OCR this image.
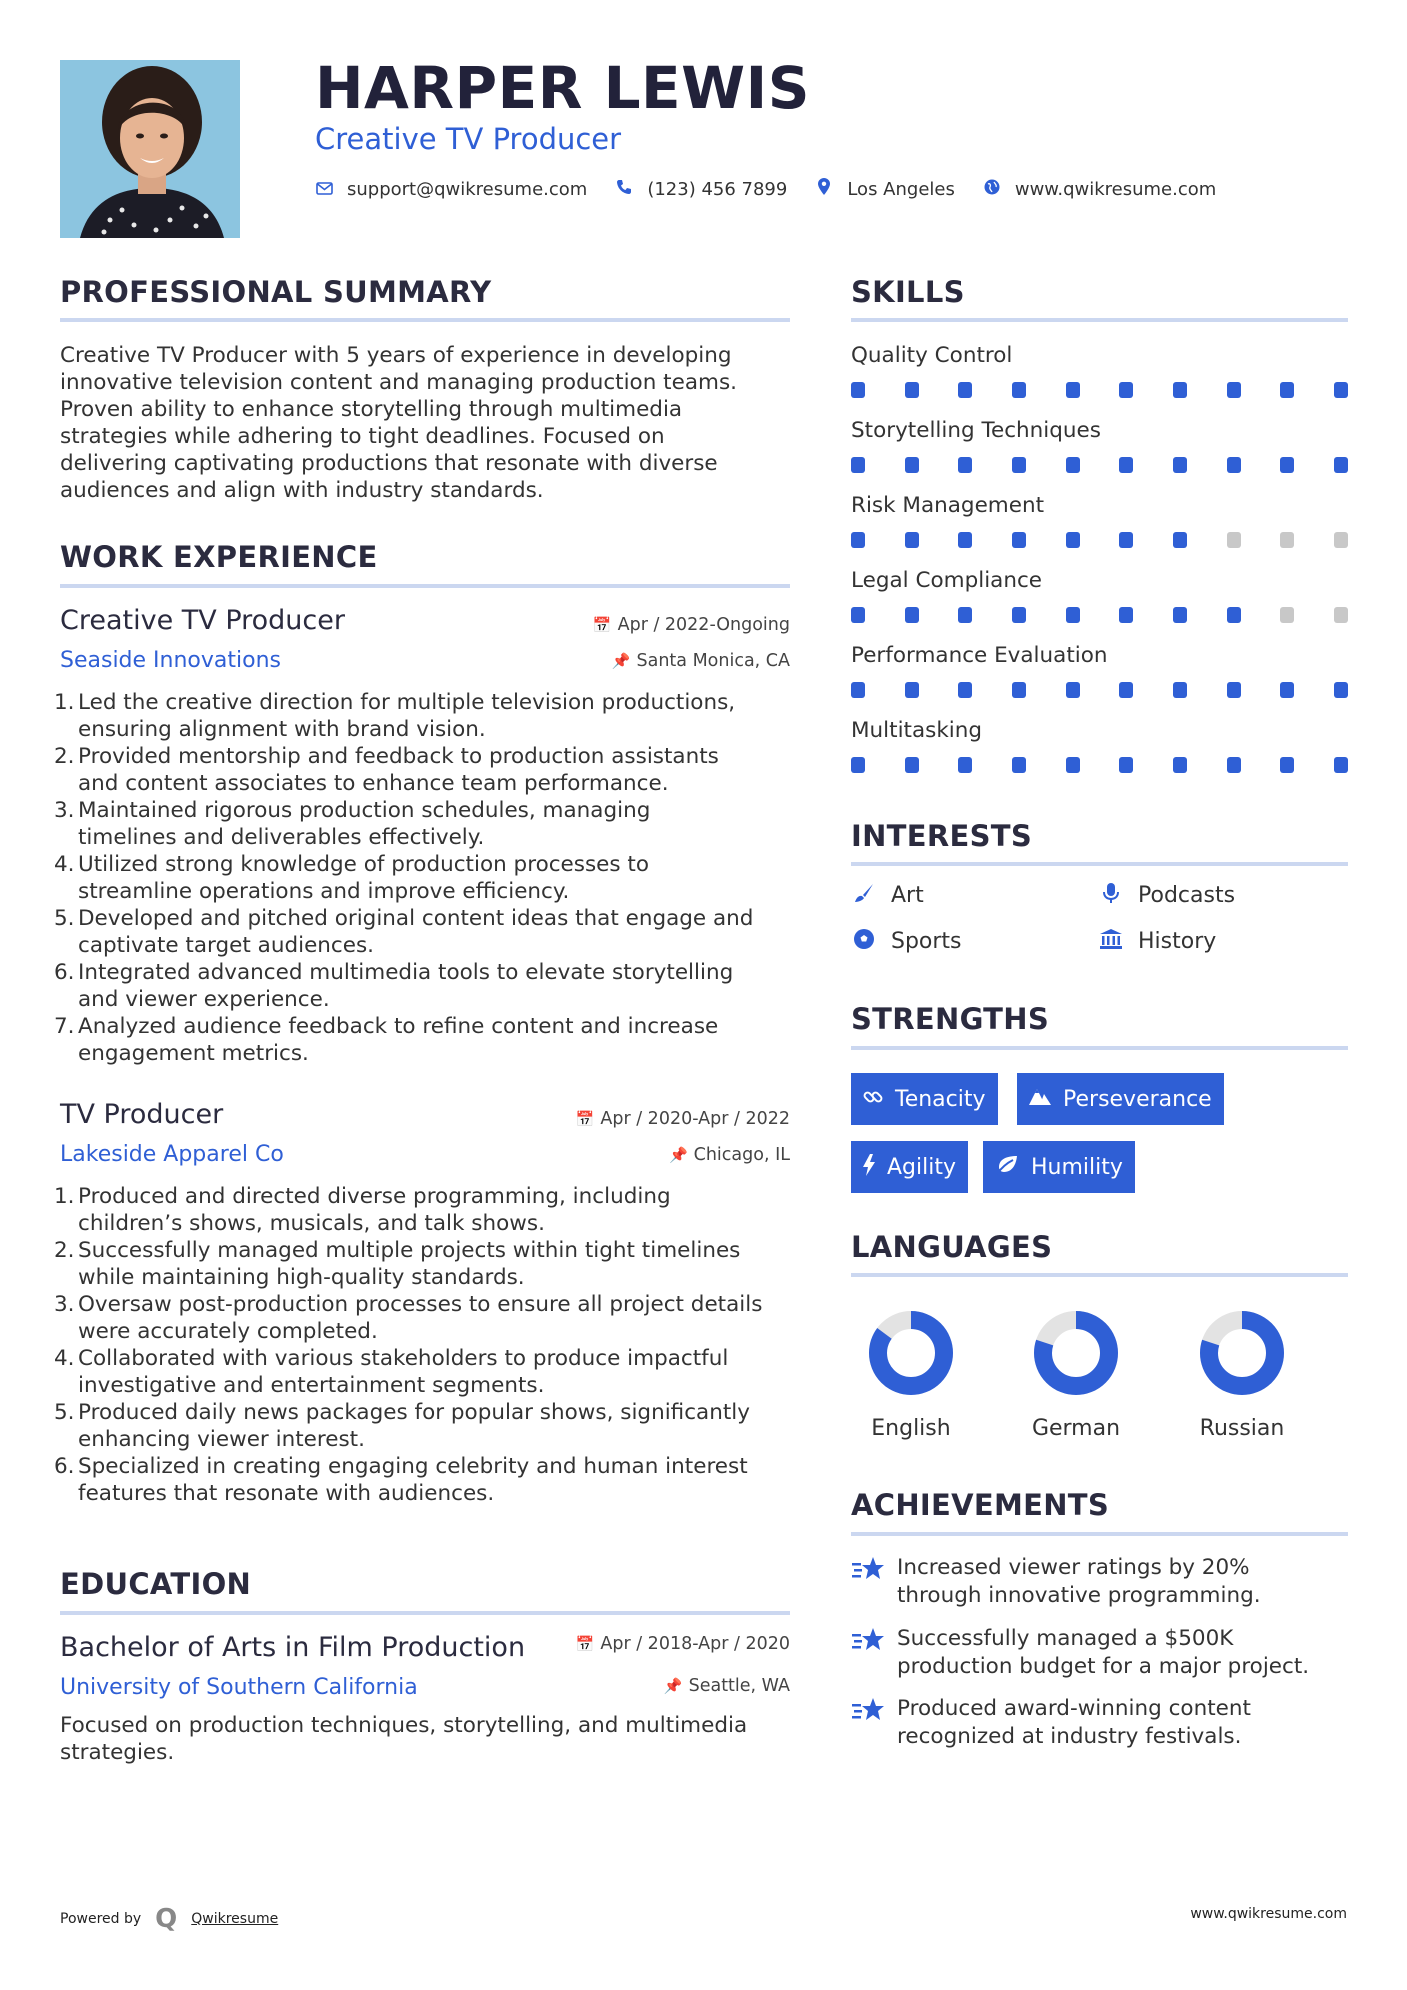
HARPER LEWIS
Creative TV Producer
support@qwikresume.com	(123) 456 7899	Los Angeles	www.qwikresume.com
PROFESSIONAL SUMMARY
Creative TV Producer with 5 years of experience in developing
innovative television content and managing production teams.
Proven ability to enhance storytelling through multimedia
strategies while adhering to tight deadlines. Focused on
delivering captivating productions that resonate with diverse
audiences and align with industry standards.
WORK EXPERIENCE
Creative TV Producer	📅 Apr / 2022-Ongoing
Seaside Innovations	📌 Santa Monica, CA
1. Led the creative direction for multiple television productions,
ensuring alignment with brand vision.
2. Provided mentorship and feedback to production assistants
and content associates to enhance team performance.
3. Maintained rigorous production schedules, managing
timelines and deliverables effectively.
4. Utilized strong knowledge of production processes to
streamline operations and improve efficiency.
5. Developed and pitched original content ideas that engage and
captivate target audiences.
6. Integrated advanced multimedia tools to elevate storytelling
and viewer experience.
7. Analyzed audience feedback to refine content and increase
engagement metrics.
TV Producer	📅 Apr / 2020-Apr / 2022
Lakeside Apparel Co	📌 Chicago, IL
1. Produced and directed diverse programming, including
children’s shows, musicals, and talk shows.
2. Successfully managed multiple projects within tight timelines
while maintaining high-quality standards.
3. Oversaw post-production processes to ensure all project details
were accurately completed.
4. Collaborated with various stakeholders to produce impactful
investigative and entertainment segments.
5. Produced daily news packages for popular shows, significantly
enhancing viewer interest.
6. Specialized in creating engaging celebrity and human interest
features that resonate with audiences.
EDUCATION
Bachelor of Arts in Film Production	📅 Apr / 2018-Apr / 2020
University of Southern California	📌 Seattle, WA
Focused on production techniques, storytelling, and multimedia
strategies.
SKILLS
Quality Control
Storytelling Techniques
Risk Management
Legal Compliance
Performance Evaluation
Multitasking
INTERESTS
Art	Podcasts
Sports	History
STRENGTHS
Tenacity	Perseverance
Agility	Humility
LANGUAGES
English	German	Russian
ACHIEVEMENTS
Increased viewer ratings by 20%
through innovative programming.
Successfully managed a $500K
production budget for a major project.
Produced award-winning content
recognized at industry festivals.
Powered by Q Qwikresume	www.qwikresume.com
